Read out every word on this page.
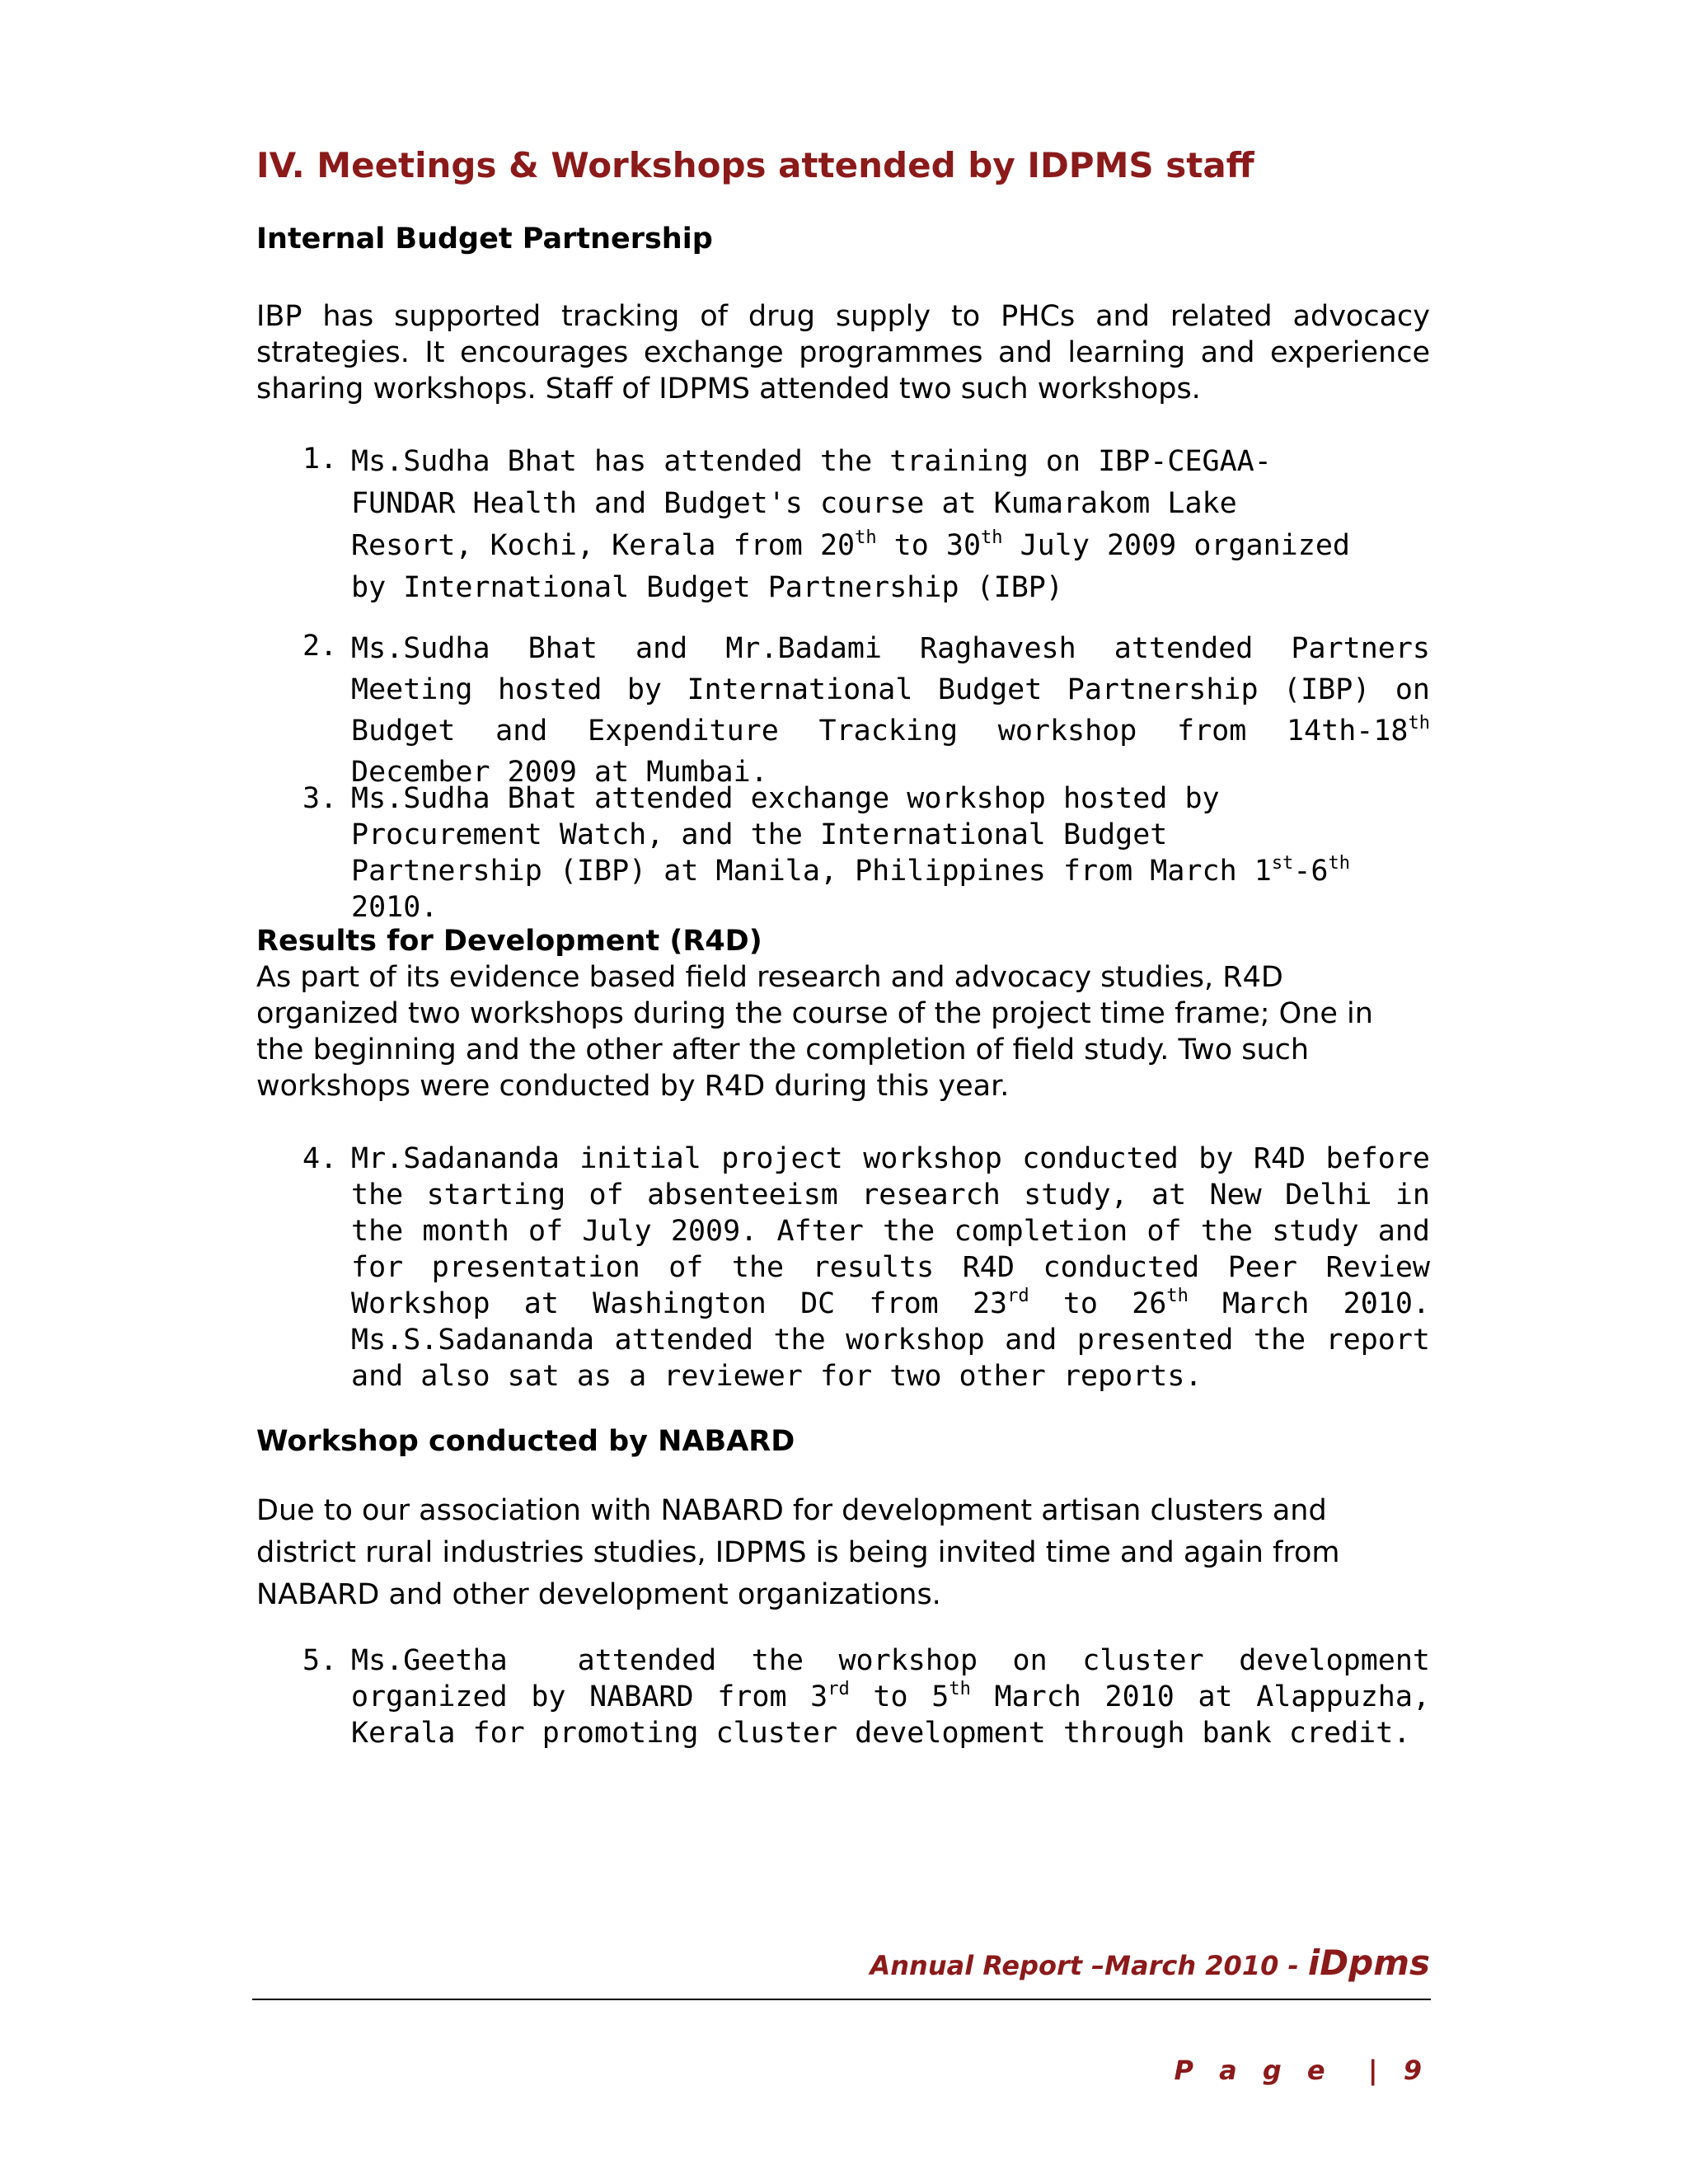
IV. Meetings & Workshops attended by IDPMS staff
Internal Budget Partnership

IBP has supported tracking of drug supply to PHCs and related advocacy strategies. It encourages exchange programmes and learning and experience sharing workshops. Staff of IDPMS attended two such workshops.

1. Ms.Sudha Bhat has attended the training on IBP-CEGAA-FUNDAR Health and Budget's course at Kumarakom Lake Resort, Kochi, Kerala from 20th to 30th July 2009 organized by International Budget Partnership (IBP)
2. Ms.Sudha Bhat and Mr.Badami Raghavesh attended Partners Meeting hosted by International Budget Partnership (IBP) on Budget and Expenditure Tracking workshop from 14th-18th December 2009 at Mumbai.
3. Ms.Sudha Bhat attended exchange workshop hosted by Procurement Watch, and the International Budget Partnership (IBP) at Manila, Philippines from March 1st-6th 2010.
Results for Development (R4D)

As part of its evidence based field research and advocacy studies, R4D organized two workshops during the course of the project time frame; One in the beginning and the other after the completion of field study. Two such workshops were conducted by R4D during this year.

4. Mr.Sadananda initial project workshop conducted by R4D before the starting of absenteeism research study, at New Delhi in the month of July 2009. After the completion of the study and for presentation of the results R4D conducted Peer Review Workshop at Washington DC from 23rd to 26th March 2010. Ms.S.Sadananda attended the workshop and presented the report and also sat as a reviewer for two other reports.
Workshop conducted by NABARD

Due to our association with NABARD for development artisan clusters and district rural industries studies, IDPMS is being invited time and again from NABARD and other development organizations.

5. Ms.Geetha  attended the workshop on cluster development organized by NABARD from 3rd to 5th March 2010 at Alappuzha, Kerala for promoting cluster development through bank credit.
Annual Report –March 2010 - iDpms
P a g e  | 9
